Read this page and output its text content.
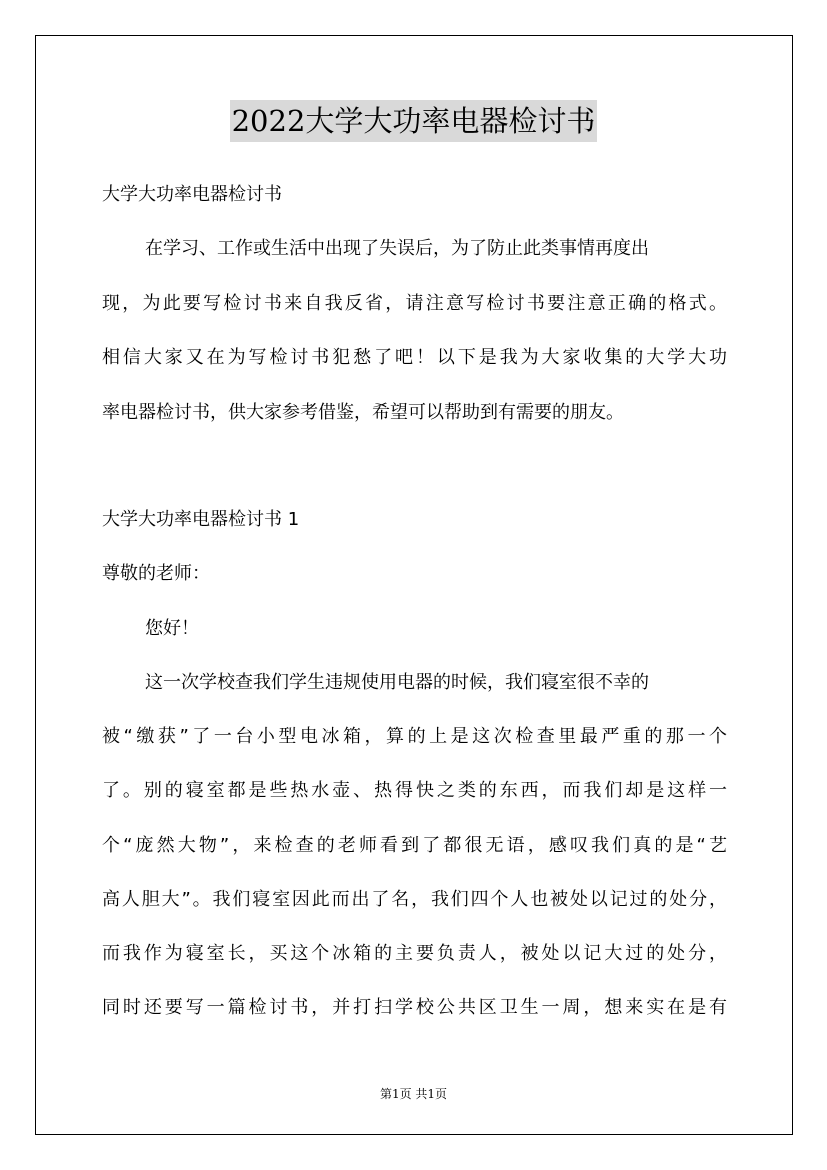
2022大学大功率电器检讨书
大学大功率电器检讨书
在学习、工作或生活中出现了失误后，为了防止此类事情再度出
现，为此要写检讨书来自我反省，请注意写检讨书要注意正确的格式。
相信大家又在为写检讨书犯愁了吧！以下是我为大家收集的大学大功
率电器检讨书，供大家参考借鉴，希望可以帮助到有需要的朋友。
大学大功率电器检讨书 1
尊敬的老师：
您好！
这一次学校查我们学生违规使用电器的时候，我们寝室很不幸的
被“缴获”了一台小型电冰箱，算的上是这次检查里最严重的那一个
了。别的寝室都是些热水壶、热得快之类的东西，而我们却是这样一
个“庞然大物”，来检查的老师看到了都很无语，感叹我们真的是“艺
高人胆大”。我们寝室因此而出了名，我们四个人也被处以记过的处分，
而我作为寝室长，买这个冰箱的主要负责人，被处以记大过的处分，
同时还要写一篇检讨书，并打扫学校公共区卫生一周，想来实在是有
第1页 共1页
